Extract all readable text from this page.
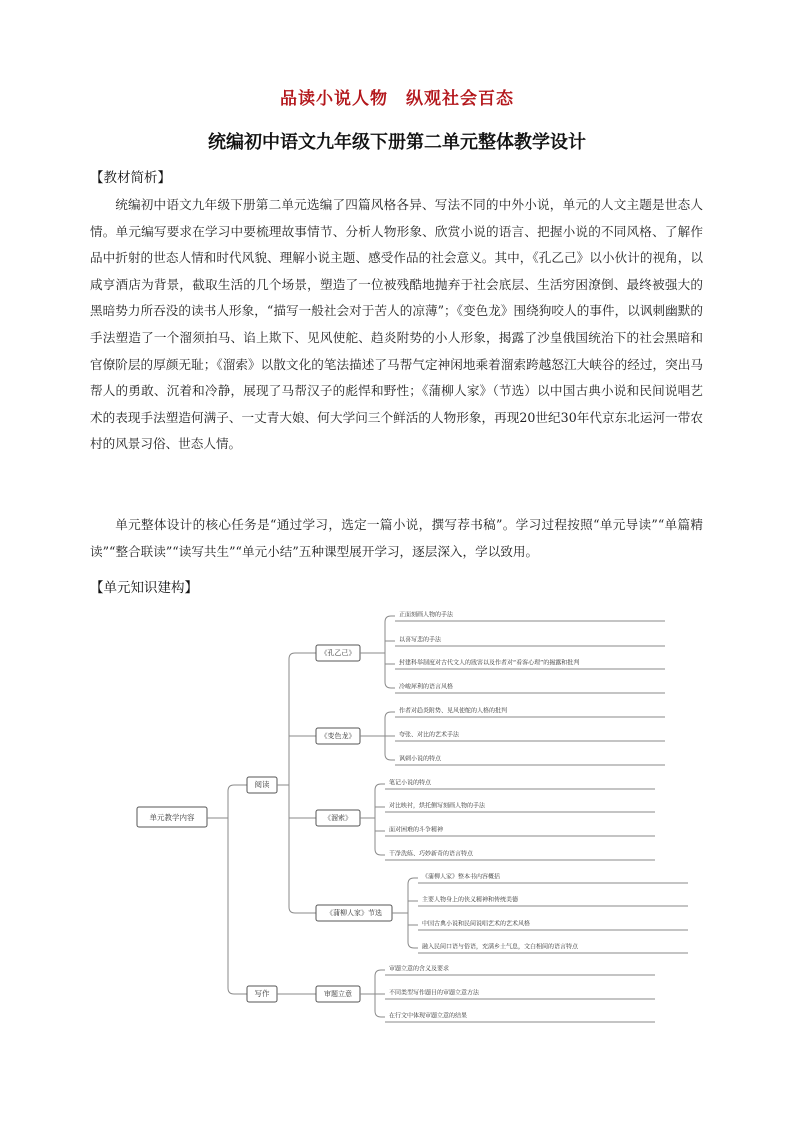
品读小说人物　纵观社会百态
统编初中语文九年级下册第二单元整体教学设计
【教材简析】
统编初中语文九年级下册第二单元选编了四篇风格各异、写法不同的中外小说，单元的人文主题是世态人情。单元编写要求在学习中要梳理故事情节、分析人物形象、欣赏小说的语言、把握小说的不同风格、了解作品中折射的世态人情和时代风貌、理解小说主题、感受作品的社会意义。其中，《孔乙己》以小伙计的视角，以咸亨酒店为背景，截取生活的几个场景，塑造了一位被残酷地抛弃于社会底层、生活穷困潦倒、最终被强大的黑暗势力所吞没的读书人形象，“描写一般社会对于苦人的凉薄”；《变色龙》围绕狗咬人的事件，以讽刺幽默的手法塑造了一个溜须拍马、谄上欺下、见风使舵、趋炎附势的小人形象，揭露了沙皇俄国统治下的社会黑暗和官僚阶层的厚颜无耻；《溜索》以散文化的笔法描述了马帮气定神闲地乘着溜索跨越怒江大峡谷的经过，突出马帮人的勇敢、沉着和冷静，展现了马帮汉子的彪悍和野性；《蒲柳人家》（节选）以中国古典小说和民间说唱艺术的表现手法塑造何满子、一丈青大娘、何大学问三个鲜活的人物形象，再现20世纪30年代京东北运河一带农村的风景习俗、世态人情。
单元整体设计的核心任务是“通过学习，选定一篇小说，撰写荐书稿”。学习过程按照“单元导读”“单篇精读”“整合联读”“读写共生”“单元小结”五种课型展开学习，逐层深入，学以致用。
【单元知识建构】
单元教学内容
阅读
《孔乙己》
正面刻画人物的手法
以喜写悲的手法
封建科举制度对古代文人的戕害以及作者对“看客心理”的揭露和批判
冷峻犀利的语言风格
《变色龙》
作者对趋炎附势、见风使舵的人格的批判
夸张、对比的艺术手法
讽刺小说的特点
《溜索》
笔记小说的特点
对比映衬，烘托侧写刻画人物的手法
面对困难的斗争精神
干净洗练、巧妙新奇的语言特点
《蒲柳人家》节选
《蒲柳人家》整本书内容概括
主要人物身上的侠义精神和传统美德
中国古典小说和民间说唱艺术的艺术风格
融入民间口语与俗语，充满乡土气息，文白相间的语言特点
写作	审题立意
审题立意的含义及要求
不同类型写作题目的审题立意方法
在行文中体现审题立意的结果
